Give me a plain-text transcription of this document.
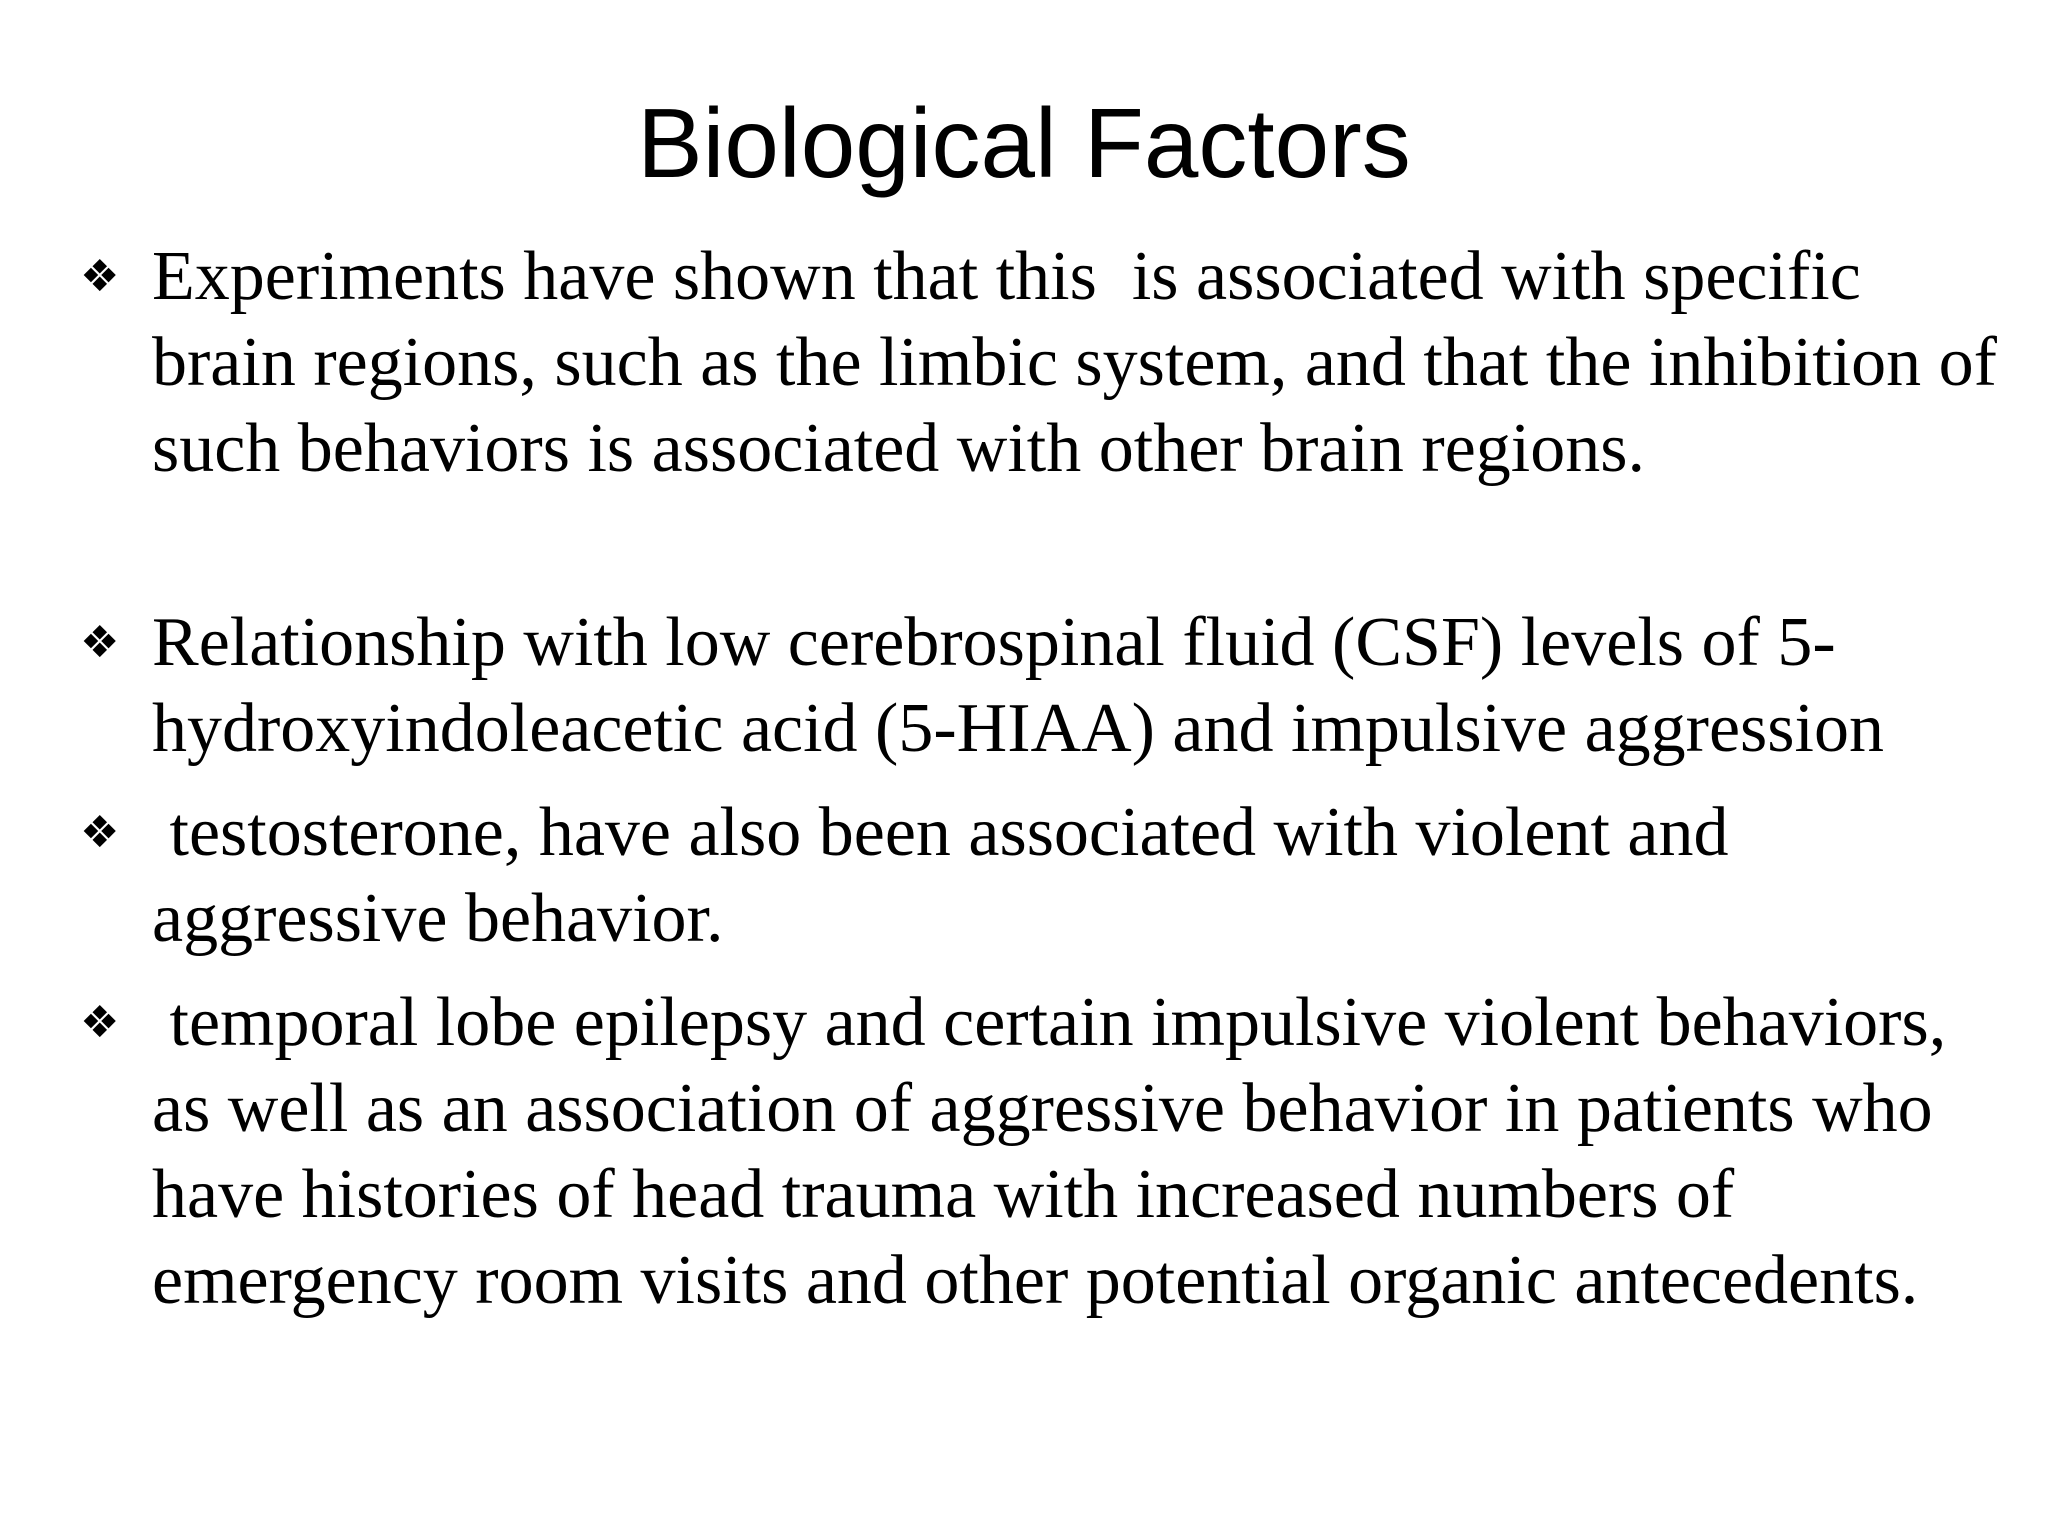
Biological Factors
❖ Experiments have shown that this  is associated with specific brain regions, such as the limbic system, and that the inhibition of such behaviors is associated with other brain regions.
❖ Relationship with low cerebrospinal fluid (CSF) levels of 5-hydroxyindoleacetic acid (5-HIAA) and impulsive aggression
❖ testosterone, have also been associated with violent and aggressive behavior.
❖ temporal lobe epilepsy and certain impulsive violent behaviors, as well as an association of aggressive behavior in patients who have histories of head trauma with increased numbers of emergency room visits and other potential organic antecedents.
